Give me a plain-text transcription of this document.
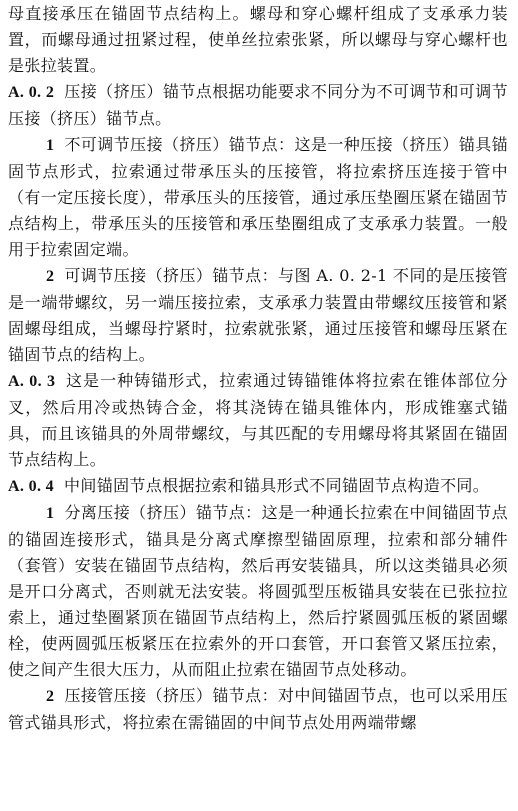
母直接承压在锚固节点结构上。螺母和穿心螺杆组成了支承承力装置，而螺母通过扭紧过程，使单丝拉索张紧，所以螺母与穿心螺杆也是张拉装置。

A. 0. 2 压接（挤压）锚节点根据功能要求不同分为不可调节和可调节压接（挤压）锚节点。

1 不可调节压接（挤压）锚节点：这是一种压接（挤压）锚具锚固节点形式，拉索通过带承压头的压接管，将拉索挤压连接于管中（有一定压接长度），带承压头的压接管，通过承压垫圈压紧在锚固节点结构上，带承压头的压接管和承压垫圈组成了支承承力装置。一般用于拉索固定端。

2 可调节压接（挤压）锚节点：与图 A. 0. 2-1 不同的是压接管是一端带螺纹，另一端压接拉索，支承承力装置由带螺纹压接管和紧固螺母组成，当螺母拧紧时，拉索就张紧，通过压接管和螺母压紧在锚固节点的结构上。

A. 0. 3 这是一种铸锚形式，拉索通过铸锚锥体将拉索在锥体部位分叉，然后用冷或热铸合金，将其浇铸在锚具锥体内，形成锥塞式锚具，而且该锚具的外周带螺纹，与其匹配的专用螺母将其紧固在锚固节点结构上。

A. 0. 4 中间锚固节点根据拉索和锚具形式不同锚固节点构造不同。

1 分离压接（挤压）锚节点：这是一种通长拉索在中间锚固节点的锚固连接形式，锚具是分离式摩擦型锚固原理，拉索和部分辅件（套管）安装在锚固节点结构，然后再安装锚具，所以这类锚具必须是开口分离式，否则就无法安装。将圆弧型压板锚具安装在已张拉拉索上，通过垫圈紧顶在锚固节点结构上，然后拧紧圆弧压板的紧固螺栓，使两圆弧压板紧压在拉索外的开口套管，开口套管又紧压拉索，使之间产生很大压力，从而阻止拉索在锚固节点处移动。

2 压接管压接（挤压）锚节点：对中间锚固节点，也可以采用压管式锚具形式，将拉索在需锚固的中间节点处用两端带螺
